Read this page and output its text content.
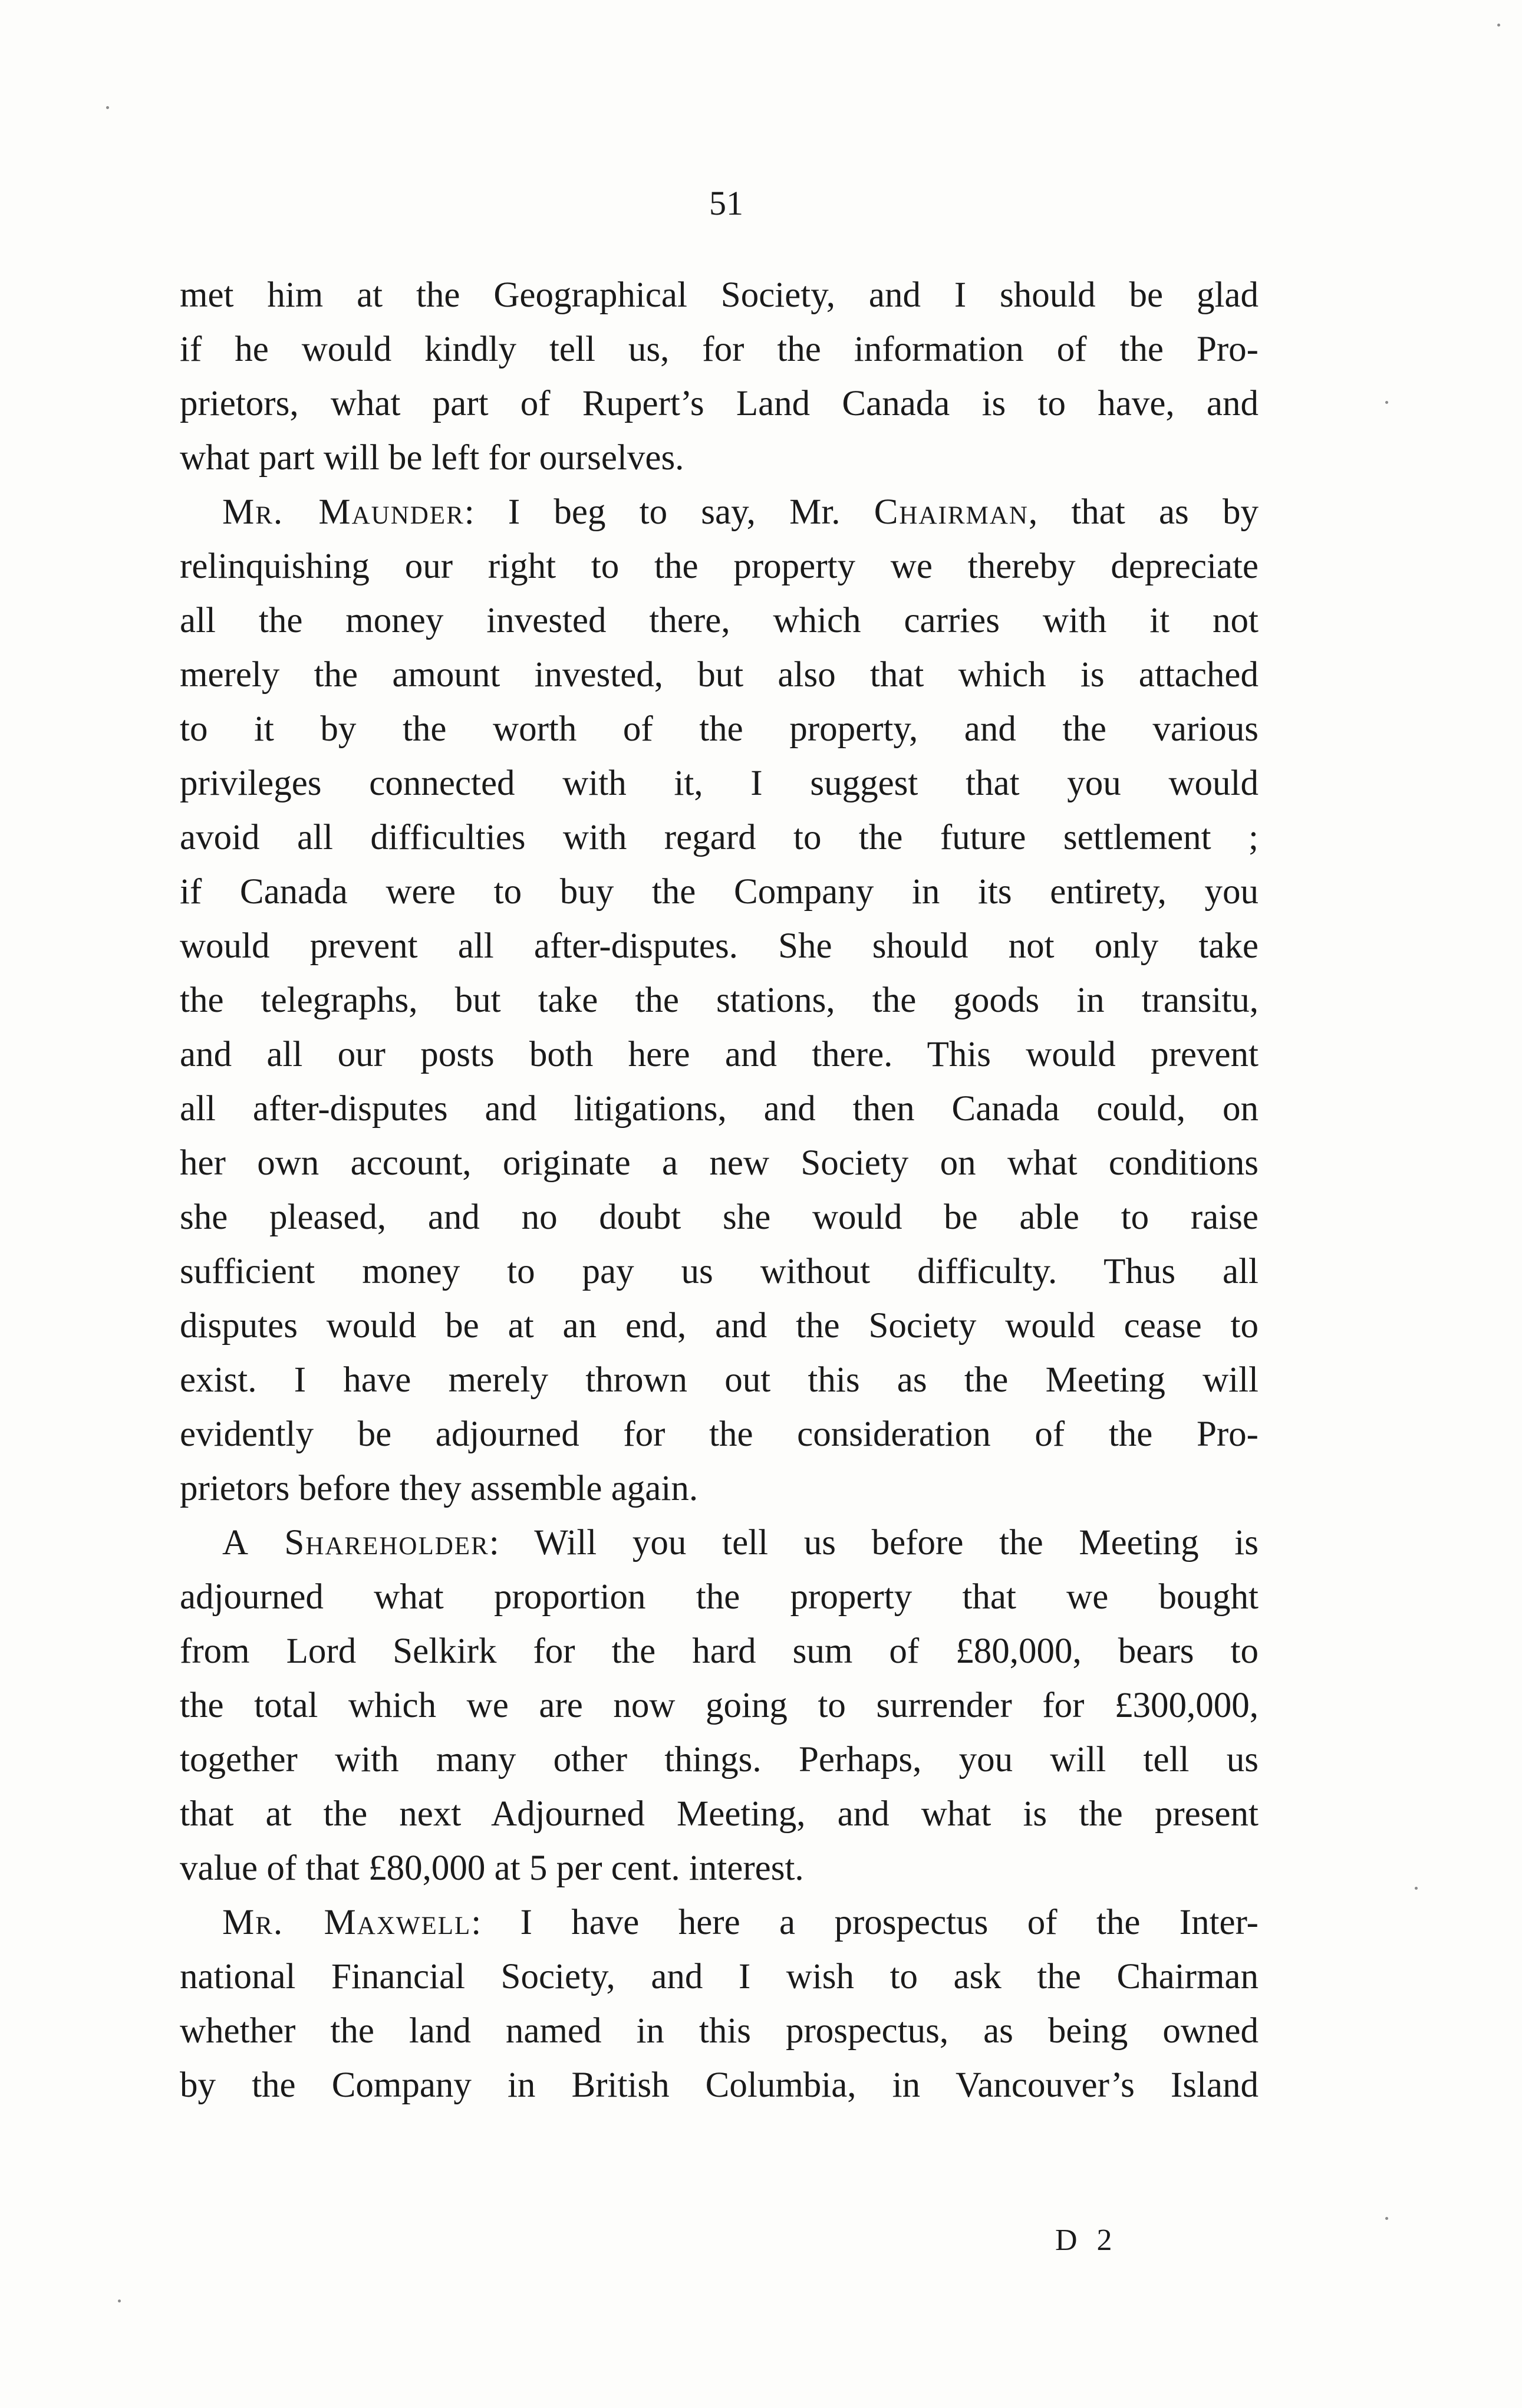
51
met him at the Geographical Society, and I should be glad
if he would kindly tell us, for the information of the Pro-
prietors, what part of Rupert’s Land Canada is to have, and
what part will be left for ourselves.
Mr. Maunder: I beg to say, Mr. Chairman, that as by
relinquishing our right to the property we thereby depreciate
all the money invested there, which carries with it not
merely the amount invested, but also that which is attached
to it by the worth of the property, and the various
privileges connected with it, I suggest that you would
avoid all difficulties with regard to the future settlement ;
if Canada were to buy the Company in its entirety, you
would prevent all after-disputes. She should not only take
the telegraphs, but take the stations, the goods in transitu,
and all our posts both here and there. This would prevent
all after-disputes and litigations, and then Canada could, on
her own account, originate a new Society on what conditions
she pleased, and no doubt she would be able to raise
sufficient money to pay us without difficulty. Thus all
disputes would be at an end, and the Society would cease to
exist. I have merely thrown out this as the Meeting will
evidently be adjourned for the consideration of the Pro-
prietors before they assemble again.
A Shareholder: Will you tell us before the Meeting is
adjourned what proportion the property that we bought
from Lord Selkirk for the hard sum of £80,000, bears to
the total which we are now going to surrender for £300,000,
together with many other things. Perhaps, you will tell us
that at the next Adjourned Meeting, and what is the present
value of that £80,000 at 5 per cent. interest.
Mr. Maxwell: I have here a prospectus of the Inter-
national Financial Society, and I wish to ask the Chairman
whether the land named in this prospectus, as being owned
by the Company in British Columbia, in Vancouver’s Island
D 2
